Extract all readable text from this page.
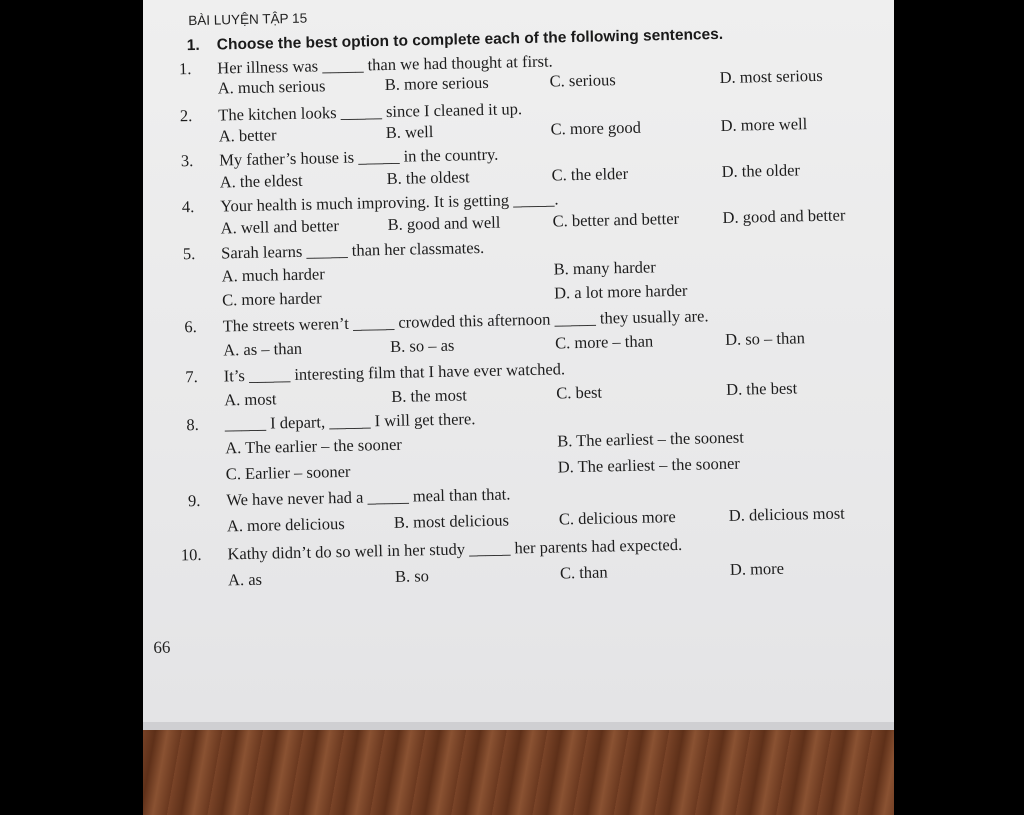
BÀI LUYỆN TẬP 15
1. Choose the best option to complete each of the following sentences.
1. Her illness was _____ than we had thought at first.
A. much serious	B. more serious	C. serious	D. most serious
2. The kitchen looks _____ since I cleaned it up.
A. better	B. well	C. more good	D. more well
3. My father’s house is _____ in the country.
A. the eldest	B. the oldest	C. the elder	D. the older
4. Your health is much improving. It is getting _____.
A. well and better	B. good and well	C. better and better	D. good and better
5. Sarah learns _____ than her classmates.
A. much harder	B. many harder
C. more harder	D. a lot more harder
6. The streets weren’t _____ crowded this afternoon _____ they usually are.
A. as – than	B. so – as	C. more – than	D. so – than
7. It’s _____ interesting film that I have ever watched.
A. most	B. the most	C. best	D. the best
8. _____ I depart, _____ I will get there.
A. The earlier – the sooner	B. The earliest – the soonest
C. Earlier – sooner	D. The earliest – the sooner
9. We have never had a _____ meal than that.
A. more delicious	B. most delicious	C. delicious more	D. delicious most
10. Kathy didn’t do so well in her study _____ her parents had expected.
A. as	B. so	C. than	D. more
66
